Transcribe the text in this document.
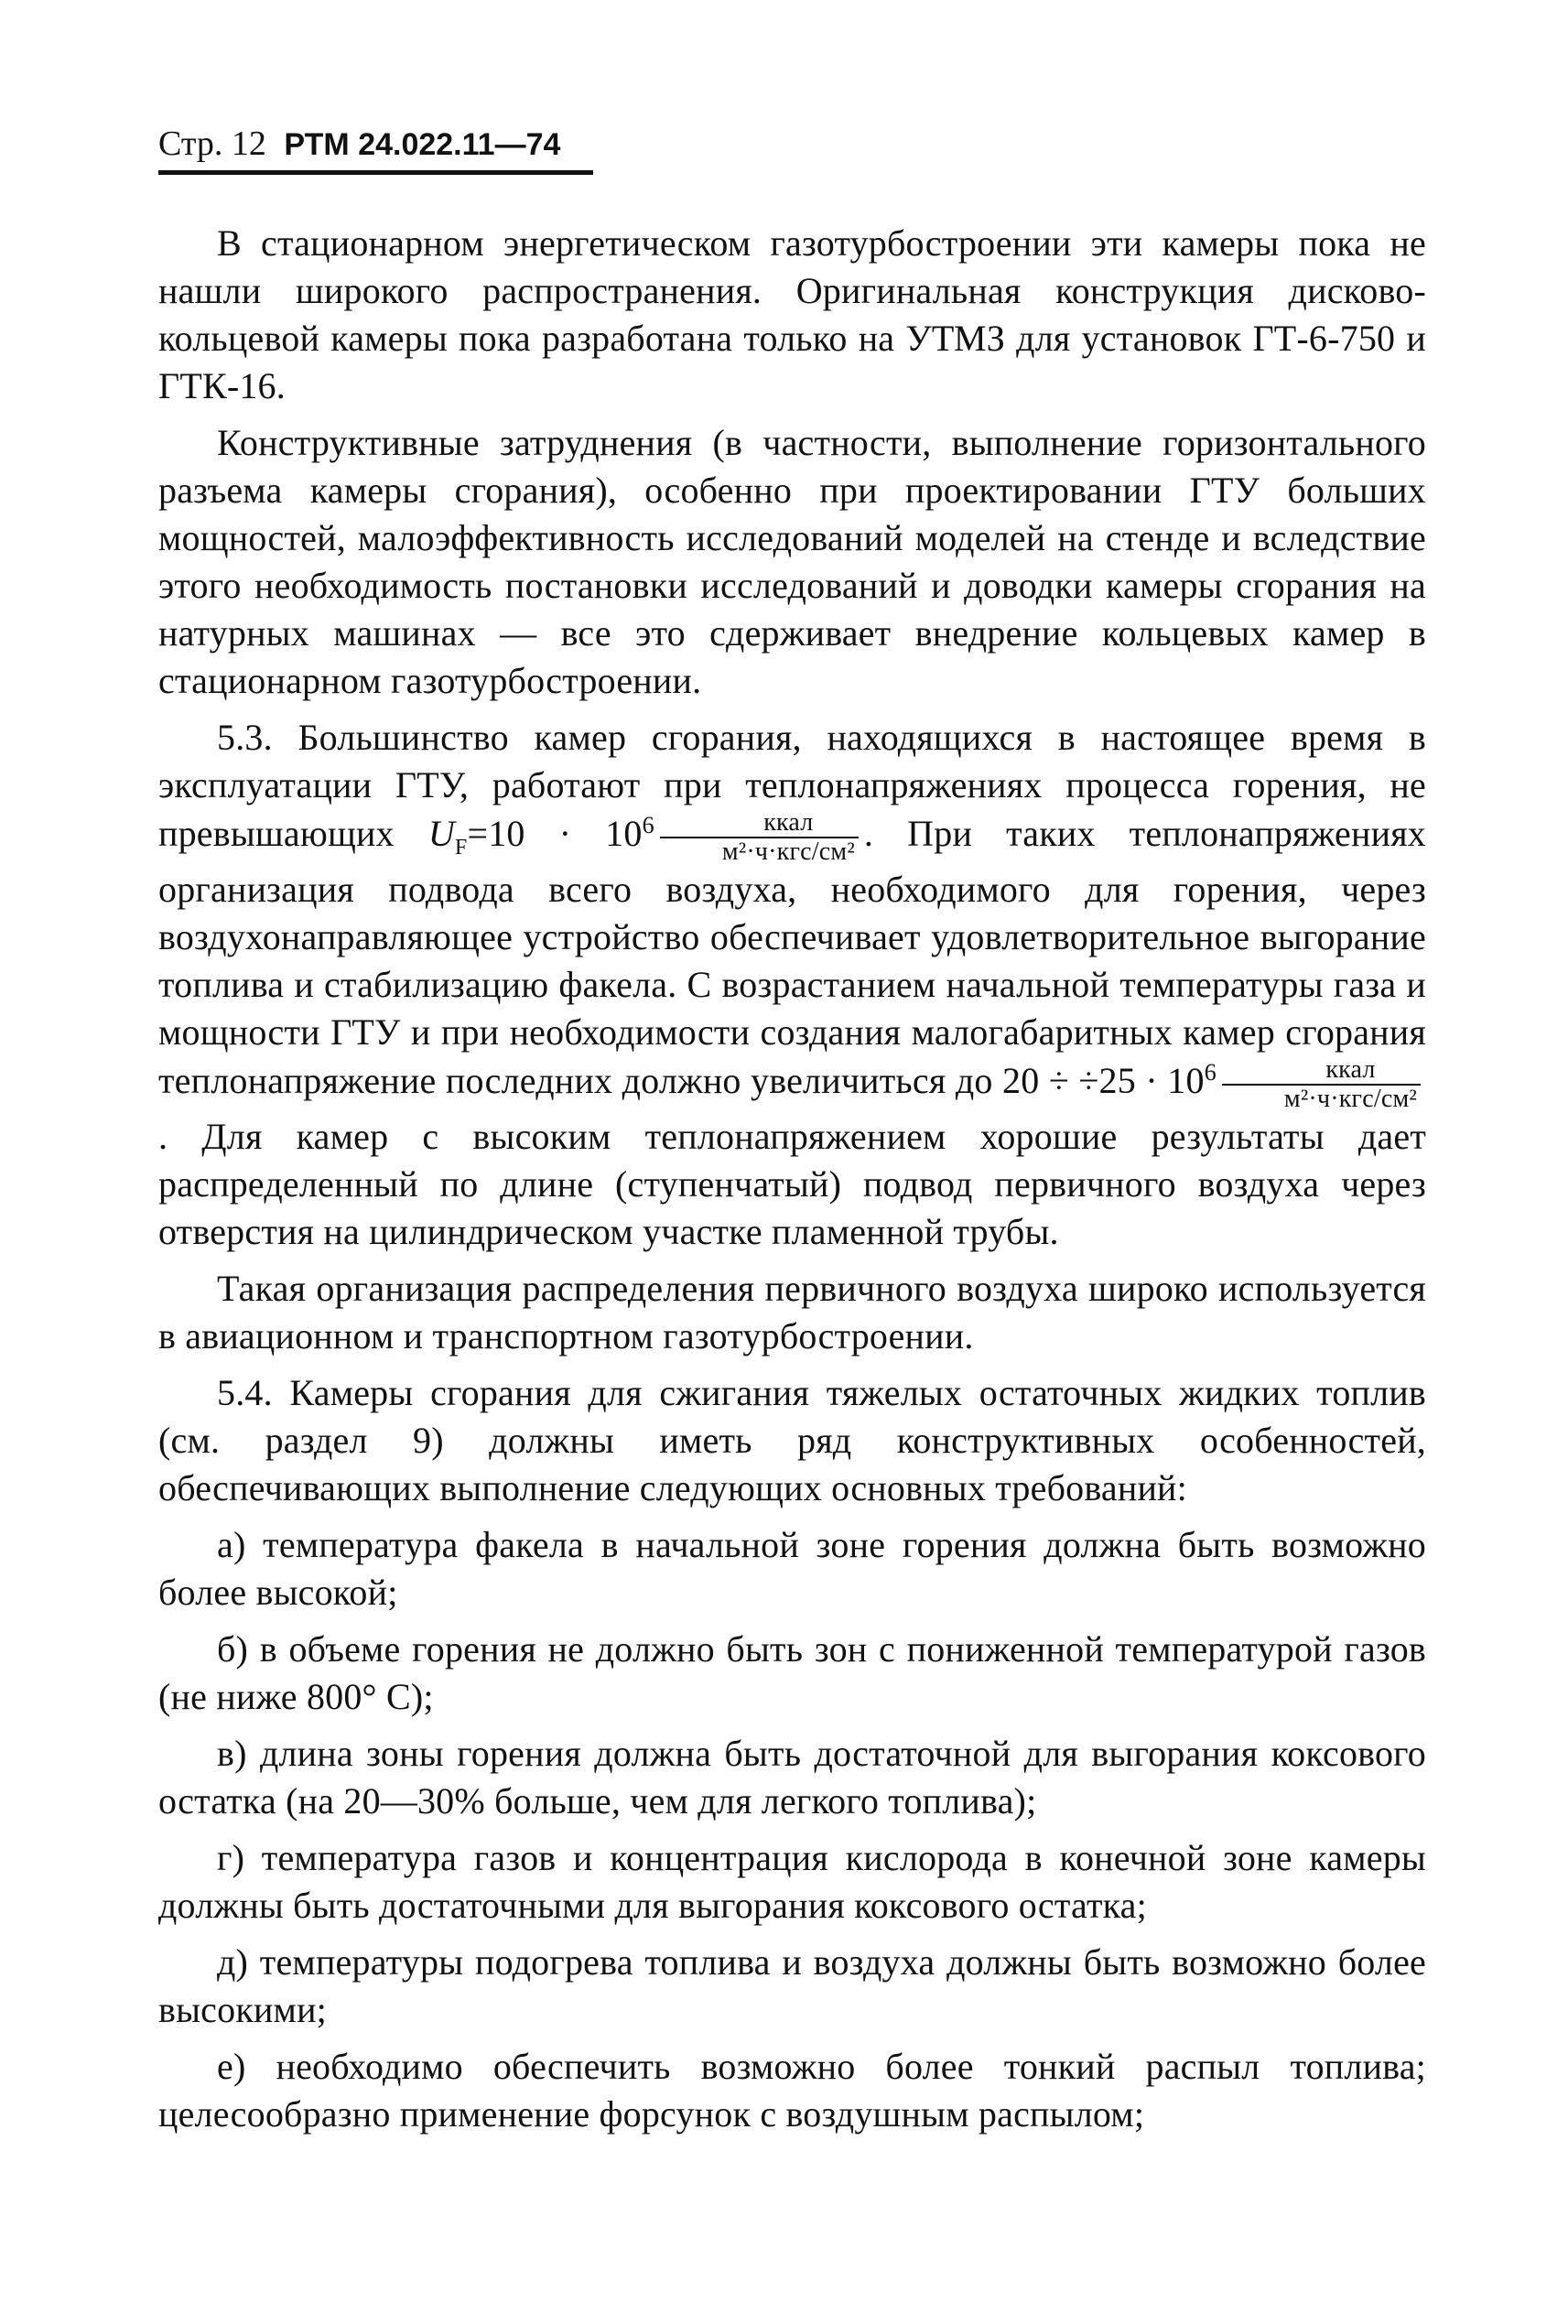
Стр. 12 РТМ 24.022.11—74

В стационарном энергетическом газотурбостроении эти камеры пока не нашли широкого распространения. Оригинальная конструкция дисково-кольцевой камеры пока разработана только на УТМЗ для установок ГТ-6-750 и ГТК-16.

Конструктивные затруднения (в частности, выполнение горизонтального разъема камеры сгорания), особенно при проектировании ГТУ больших мощностей, малоэффективность исследований моделей на стенде и вследствие этого необходимость постановки исследований и доводки камеры сгорания на натурных машинах — все это сдерживает внедрение кольцевых камер в стационарном газотурбостроении.

5.3. Большинство камер сгорания, находящихся в настоящее время в эксплуатации ГТУ, работают при теплонапряжениях процесса горения, не превышающих $U_F=10 \cdot 10^6 \frac{\text{ккал}}{\text{м²·ч·кгс/см²}}$ . При таких теплонапряжениях организация подвода всего воздуха, необходимого для горения, через воздухонаправляющее устройство обеспечивает удовлетворительное выгорание топлива и стабилизацию факела. С возрастанием начальной температуры газа и мощности ГТУ и при необходимости создания малогабаритных камер сгорания теплонапряжение последних должно увеличиться до $20 \div \div 25 \cdot 10^6 \frac{\text{ккал}}{\text{м²·ч·кгс/см²}}$
. Для камер с высоким теплонапряжением хорошие результаты дает распределенный по длине (ступенчатый) подвод первичного воздуха через отверстия на цилиндрическом участке пламенной трубы.

Такая организация распределения первичного воздуха широко используется в авиационном и транспортном газотурбостроении.

5.4. Камеры сгорания для сжигания тяжелых остаточных жидких топлив (см. раздел 9) должны иметь ряд конструктивных особенностей, обеспечивающих выполнение следующих основных требований:

а) температура факела в начальной зоне горения должна быть возможно более высокой;

б) в объеме горения не должно быть зон с пониженной температурой газов (не ниже 800° С);

в) длина зоны горения должна быть достаточной для выгорания коксового остатка (на 20—30% больше, чем для легкого топлива);

г) температура газов и концентрация кислорода в конечной зоне камеры должны быть достаточными для выгорания коксового остатка;

д) температуры подогрева топлива и воздуха должны быть возможно более высокими;

е) необходимо обеспечить возможно более тонкий распыл топлива; целесообразно применение форсунок с воздушным распылом;
